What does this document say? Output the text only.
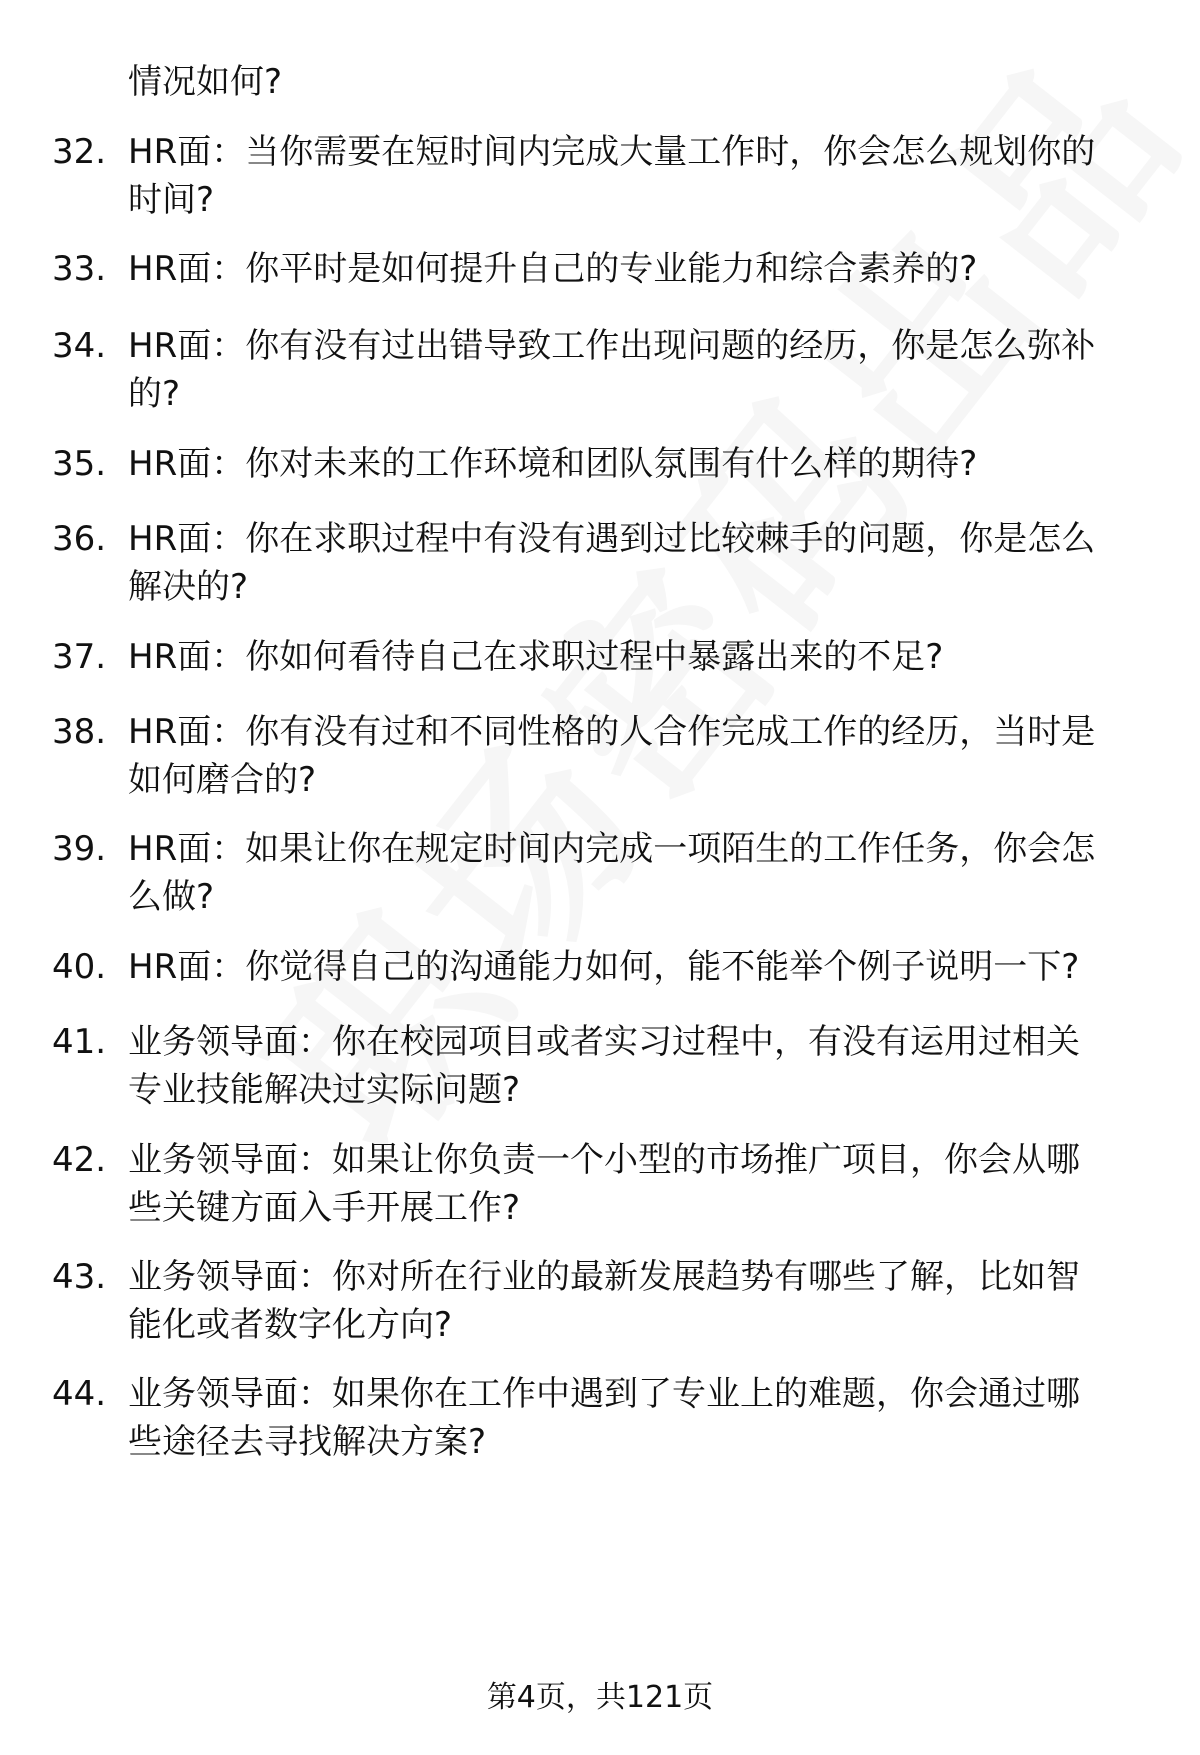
情况如何?
32. HR面：当你需要在短时间内完成大量工作时，你会怎么规划你的
时间?
33. HR面：你平时是如何提升自己的专业能力和综合素养的?
34. HR面：你有没有过出错导致工作出现问题的经历，你是怎么弥补
的?
35. HR面：你对未来的工作环境和团队氛围有什么样的期待?
36. HR面：你在求职过程中有没有遇到过比较棘手的问题，你是怎么
解决的?
37. HR面：你如何看待自己在求职过程中暴露出来的不足?
38. HR面：你有没有过和不同性格的人合作完成工作的经历，当时是
如何磨合的?
39. HR面：如果让你在规定时间内完成一项陌生的工作任务，你会怎
么做?
40. HR面：你觉得自己的沟通能力如何，能不能举个例子说明一下?
41. 业务领导面：你在校园项目或者实习过程中，有没有运用过相关
专业技能解决过实际问题?
42. 业务领导面：如果让你负责一个小型的市场推广项目，你会从哪
些关键方面入手开展工作?
43. 业务领导面：你对所在行业的最新发展趋势有哪些了解，比如智
能化或者数字化方向?
44. 业务领导面：如果你在工作中遇到了专业上的难题，你会通过哪
些途径去寻找解决方案?
第4页，共121页
